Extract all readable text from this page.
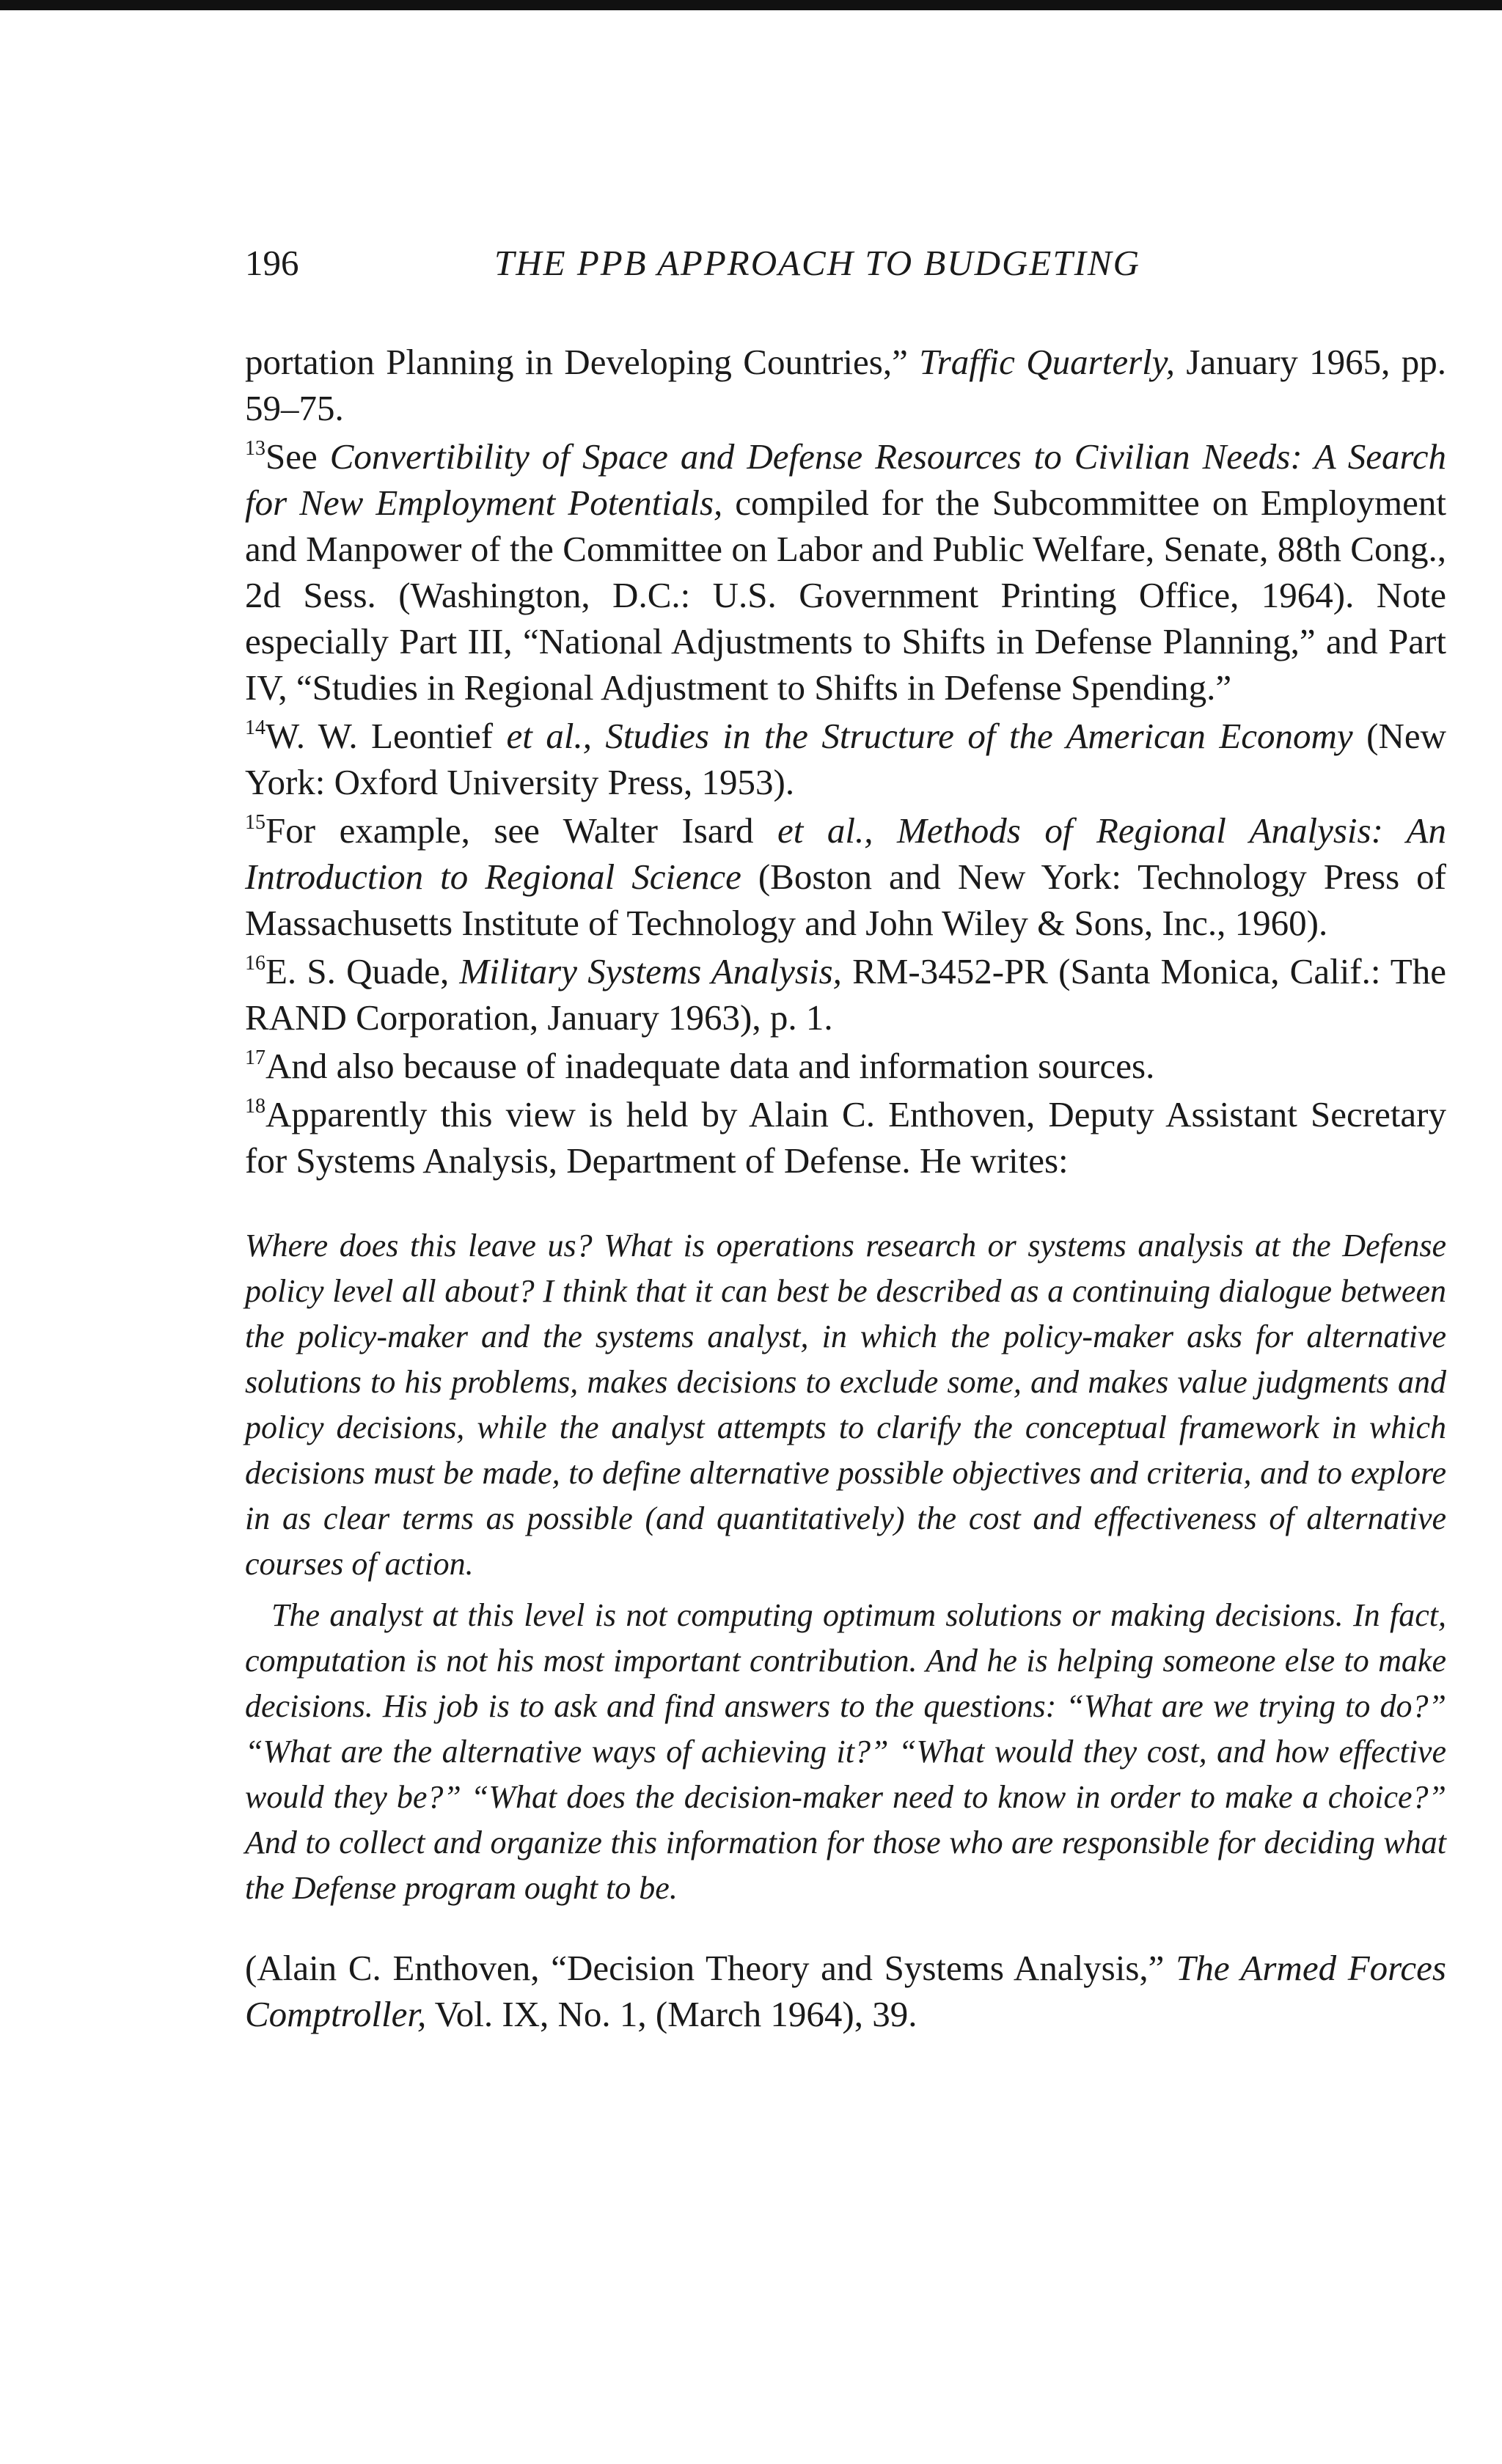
196	THE PPB APPROACH TO BUDGETING

portation Planning in Developing Countries,” Traffic Quarterly, January 1965, pp. 59–75.

$^{13}$See Convertibility of Space and Defense Resources to Civilian Needs: A Search for New Employment Potentials, compiled for the Subcommittee on Employment and Manpower of the Committee on Labor and Public Welfare, Senate, 88th Cong., 2d Sess. (Washington, D.C.: U.S. Government Printing Office, 1964). Note especially Part III, “National Adjustments to Shifts in Defense Planning,” and Part IV, “Studies in Regional Adjustment to Shifts in Defense Spending.”

$^{14}$W. W. Leontief et al., Studies in the Structure of the American Economy (New York: Oxford University Press, 1953).

$^{15}$For example, see Walter Isard et al., Methods of Regional Analysis: An Introduction to Regional Science (Boston and New York: Technology Press of Massachusetts Institute of Technology and John Wiley & Sons, Inc., 1960).

$^{16}$E. S. Quade, Military Systems Analysis, RM-3452-PR (Santa Monica, Calif.: The RAND Corporation, January 1963), p. 1.

$^{17}$And also because of inadequate data and information sources.

$^{18}$Apparently this view is held by Alain C. Enthoven, Deputy Assistant Secretary for Systems Analysis, Department of Defense. He writes:

Where does this leave us? What is operations research or systems analysis at the Defense policy level all about? I think that it can best be described as a continuing dialogue between the policy-maker and the systems analyst, in which the policy-maker asks for alternative solutions to his problems, makes decisions to exclude some, and makes value judgments and policy decisions, while the analyst attempts to clarify the conceptual framework in which decisions must be made, to define alternative possible objectives and criteria, and to explore in as clear terms as possible (and quantitatively) the cost and effectiveness of alternative courses of action.

The analyst at this level is not computing optimum solutions or making decisions. In fact, computation is not his most important contribution. And he is helping someone else to make decisions. His job is to ask and find answers to the questions: “What are we trying to do?” “What are the alternative ways of achieving it?” “What would they cost, and how effective would they be?” “What does the decision-maker need to know in order to make a choice?” And to collect and organize this information for those who are responsible for deciding what the Defense program ought to be.

(Alain C. Enthoven, “Decision Theory and Systems Analysis,” The Armed Forces Comptroller, Vol. IX, No. 1, (March 1964), 39.
